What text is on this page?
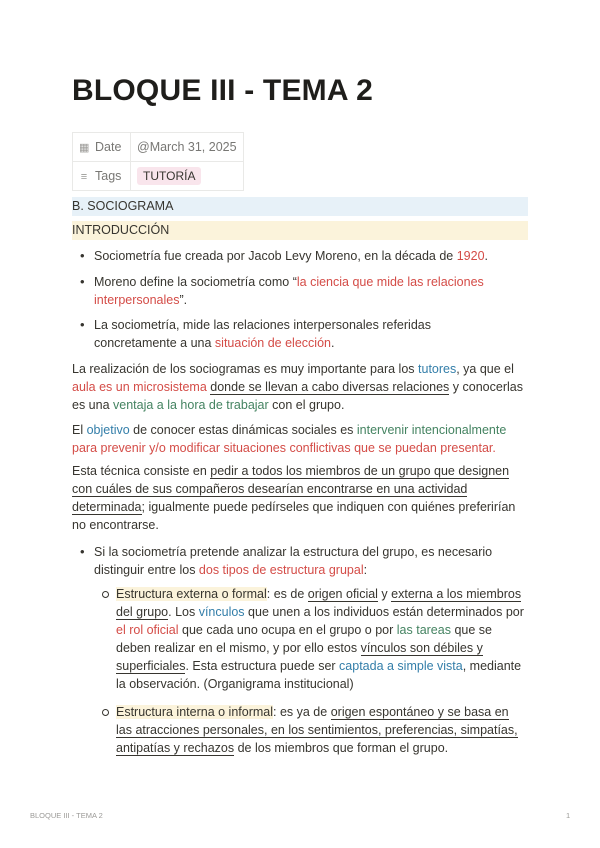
BLOQUE III - TEMA 2
▦ Date	@March 31, 2025
≡ Tags	TUTORÍA
B. SOCIOGRAMA
INTRODUCCIÓN
• Sociometría fue creada por Jacob Levy Moreno, en la década de 1920.
• Moreno define la sociometría como “la ciencia que mide las relaciones interpersonales”.
• La sociometría, mide las relaciones interpersonales referidas concretamente a una situación de elección.
La realización de los sociogramas es muy importante para los tutores, ya que el aula es un microsistema donde se llevan a cabo diversas relaciones y conocerlas es una ventaja a la hora de trabajar con el grupo.
El objetivo de conocer estas dinámicas sociales es intervenir intencionalmente para prevenir y/o modificar situaciones conflictivas que se puedan presentar.
Esta técnica consiste en pedir a todos los miembros de un grupo que designen con cuáles de sus compañeros desearían encontrarse en una actividad determinada; igualmente puede pedírseles que indiquen con quiénes preferirían no encontrarse.
• Si la sociometría pretende analizar la estructura del grupo, es necesario distinguir entre los dos tipos de estructura grupal:
Estructura externa o formal: es de origen oficial y externa a los miembros del grupo. Los vínculos que unen a los individuos están determinados por el rol oficial que cada uno ocupa en el grupo o por las tareas que se deben realizar en el mismo, y por ello estos vínculos son débiles y superficiales. Esta estructura puede ser captada a simple vista, mediante la observación. (Organigrama institucional)
Estructura interna o informal: es ya de origen espontáneo y se basa en las atracciones personales, en los sentimientos, preferencias, simpatías, antipatías y rechazos de los miembros que forman el grupo.
BLOQUE III - TEMA 2	1
